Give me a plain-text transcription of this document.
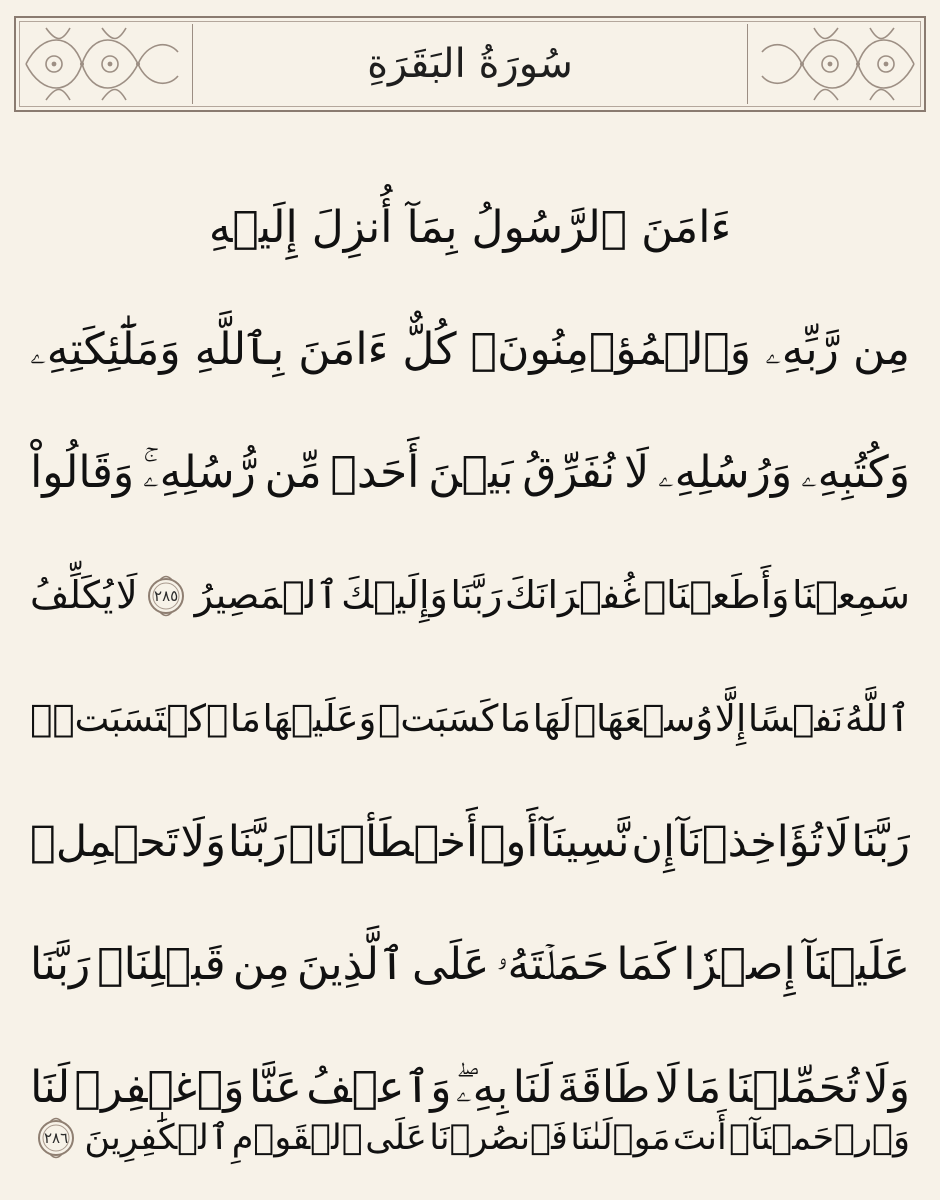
سُورَةُ البَقَرَةِ
ءَامَنَ ٱلرَّسُولُ بِمَآ أُنزِلَ إِلَيۡهِ
مِن
رَّبِّهِۦ
وَٱلۡمُؤۡمِنُونَۚ
كُلٌّ
ءَامَنَ
بِٱللَّهِ
وَمَلَٰٓئِكَتِهِۦ
وَكُتُبِهِۦ
وَرُسُلِهِۦ
لَا
نُفَرِّقُ
بَيۡنَ
أَحَدٖ
مِّن
رُّسُلِهِۦۚ
وَقَالُواْ
سَمِعۡنَا
وَأَطَعۡنَاۖ
غُفۡرَانَكَ
رَبَّنَا
وَإِلَيۡكَ
ٱلۡمَصِيرُ
٢٨٥
لَا
يُكَلِّفُ
ٱللَّهُ
نَفۡسًا
إِلَّا
وُسۡعَهَاۚ
لَهَا
مَا
كَسَبَتۡ
وَعَلَيۡهَا
مَا
ٱكۡتَسَبَتۡۗ
رَبَّنَا
لَا
تُؤَاخِذۡنَآ
إِن
نَّسِينَآ
أَوۡ
أَخۡطَأۡنَاۚ
رَبَّنَا
وَلَا
تَحۡمِلۡ
عَلَيۡنَآ
إِصۡرٗا
كَمَا
حَمَلۡتَهُۥ
عَلَى
ٱلَّذِينَ
مِن
قَبۡلِنَاۚ
رَبَّنَا
وَلَا
تُحَمِّلۡنَا
مَا
لَا
طَاقَةَ
لَنَا
بِهِۦۖ
وَٱعۡفُ
عَنَّا
وَٱغۡفِرۡ
لَنَا
وَٱرۡحَمۡنَآۚ
أَنتَ
مَوۡلَىٰنَا
فَٱنصُرۡنَا
عَلَى
ٱلۡقَوۡمِ
ٱلۡكَٰفِرِينَ
٢٨٦
